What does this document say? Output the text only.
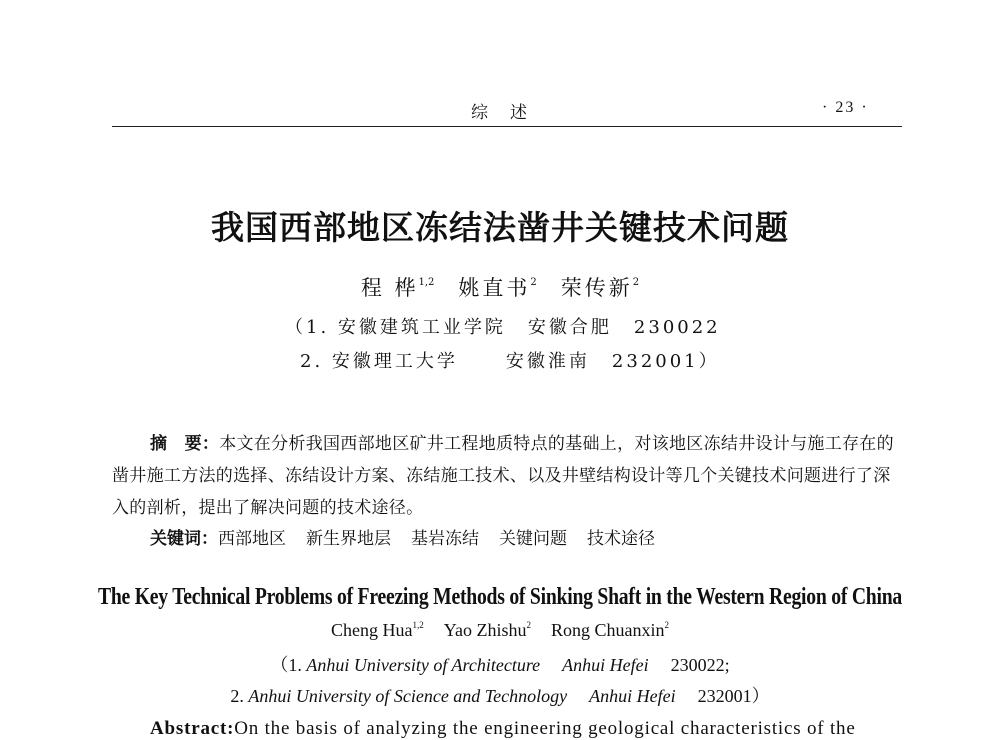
综述	· 23 ·
我国西部地区冻结法凿井关键技术问题
程 桦$^{1,2}$ 姚直书$^2$ 荣传新$^2$
（1. 安徽建筑工业学院 安徽合肥 230022
2. 安徽理工大学	安徽淮南 232001）
摘　要：本文在分析我国西部地区矿井工程地质特点的基础上，对该地区冻结井设计与施工存在的凿井施工方法的选择、冻结设计方案、冻结施工技术、以及井壁结构设计等几个关键技术问题进行了深入的剖析，提出了解决问题的技术途径。
关键词：西部地区 新生界地层 基岩冻结 关键问题 技术途径
The Key Technical Problems of Freezing Methods of Sinking Shaft in the Western Region of China
Cheng Hua$^{1,2}$ Yao Zhishu$^2$ Rong Chuanxin$^2$
（1. Anhui University of Architecture Anhui Hefei 230022;
2. Anhui University of Science and Technology Anhui Hefei 232001）
Abstract:On the basis of analyzing the engineering geological characteristics of the
